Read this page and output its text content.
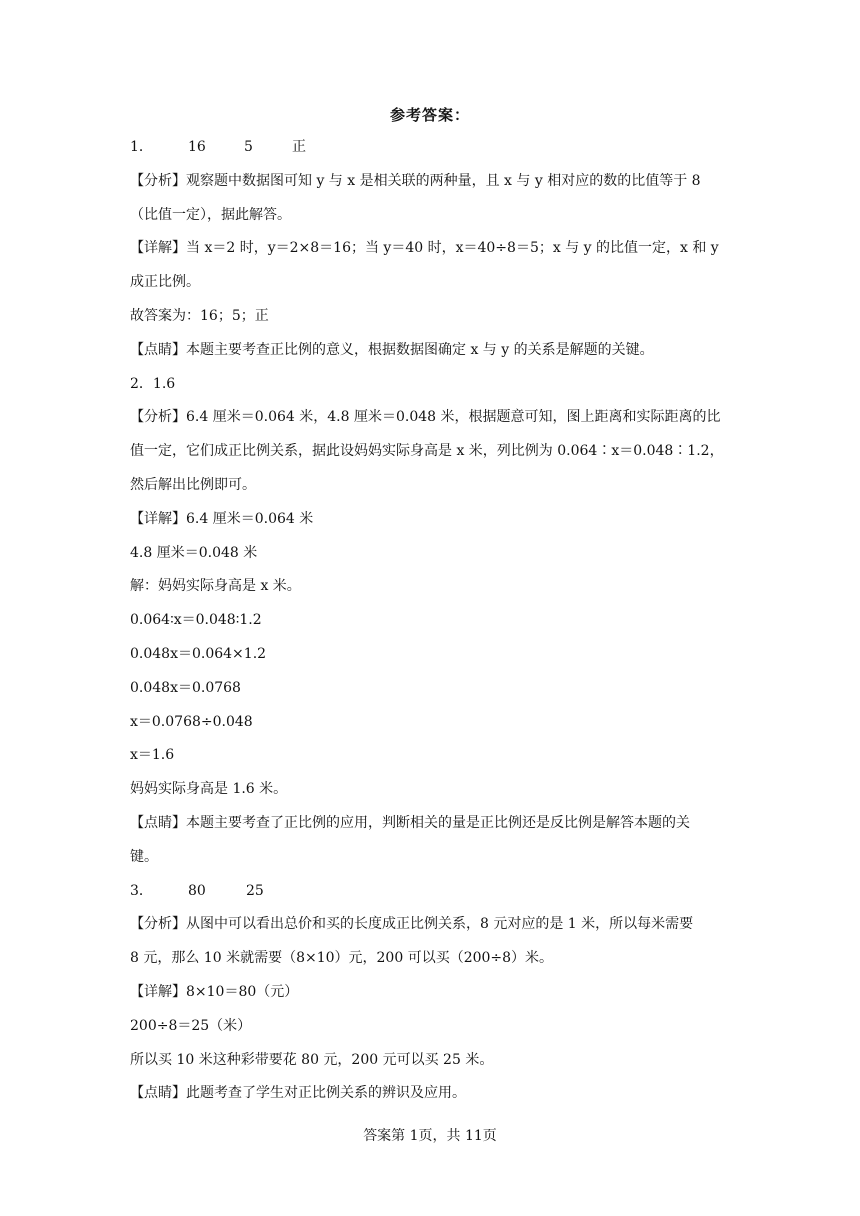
参考答案：
1．	16	5	正
【分析】观察题中数据图可知 y 与 x 是相关联的两种量，且 x 与 y 相对应的数的比值等于 8
（比值一定），据此解答。
【详解】当 x＝2 时，y＝2×8＝16；当 y＝40 时，x＝40÷8＝5；x 与 y 的比值一定，x 和 y
成正比例。
故答案为：16；5；正
【点睛】本题主要考查正比例的意义，根据数据图确定 x 与 y 的关系是解题的关键。
2．1.6
【分析】6.4 厘米＝0.064 米，4.8 厘米＝0.048 米，根据题意可知，图上距离和实际距离的比
值一定，它们成正比例关系，据此设妈妈实际身高是 x 米，列比例为 0.064∶x＝0.048∶1.2，
然后解出比例即可。
【详解】6.4 厘米＝0.064 米
4.8 厘米＝0.048 米
解：妈妈实际身高是 x 米。
0.064∶x＝0.048∶1.2
0.048x＝0.064×1.2
0.048x＝0.0768
x＝0.0768÷0.048
x＝1.6
妈妈实际身高是 1.6 米。
【点睛】本题主要考查了正比例的应用，判断相关的量是正比例还是反比例是解答本题的关
键。
3．	80	25
【分析】从图中可以看出总价和买的长度成正比例关系，8 元对应的是 1 米，所以每米需要
8 元，那么 10 米就需要（8×10）元，200 可以买（200÷8）米。
【详解】8×10＝80（元）
200÷8＝25（米）
所以买 10 米这种彩带要花 80 元，200 元可以买 25 米。
【点睛】此题考查了学生对正比例关系的辨识及应用。
答案第 1页，共 11页
